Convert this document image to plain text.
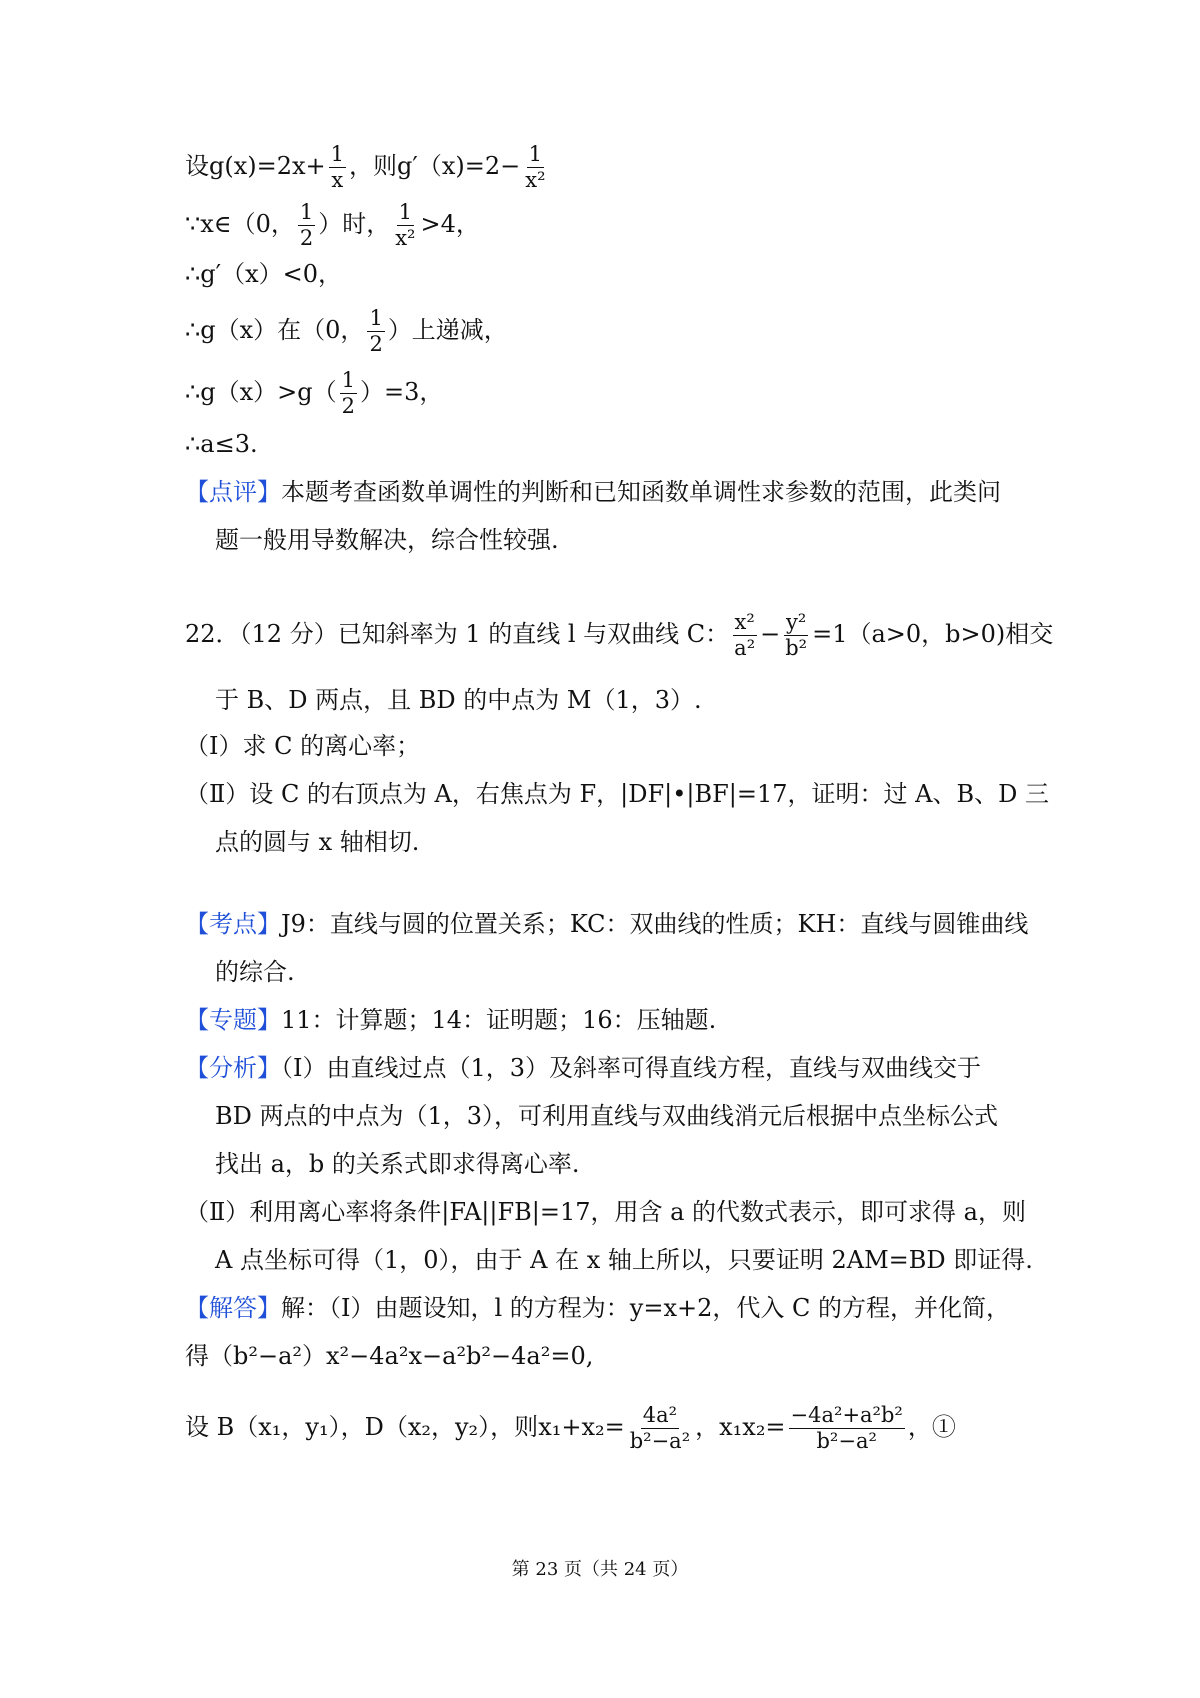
设$g(x)=2x+ \frac{1}{x}$ ，则$g'(x)=2- \frac{1}{\text{x²}}$
∵x∈（0， $\frac{1}{2}$ ）时， $\frac{1}{\text{x²}} >4$，
∴g′（x）<0，
∴g（x）在（0， $\frac{1}{2}$ ）上递减，
∴g（x）>g（ $\frac{1}{2} )=3$，
∴a≤3.
【点评】本题考查函数单调性的判断和已知函数单调性求参数的范围，此类问
题一般用导数解决，综合性较强.
22．（12 分）已知斜率为 1 的直线 l 与双曲线 C： $\frac{\text{x²}}{\text{a²}} - \frac{\text{y²}}{\text{b²}} =1(a>0$，b>0)相交
于 B、D 两点，且 BD 的中点为 M（1，3）.
（Ⅰ）求 C 的离心率；
（Ⅱ）设 C 的右顶点为 A，右焦点为 F，|DF|•|BF|=17，证明：过 A、B、D 三
点的圆与 x 轴相切.
【考点】J9：直线与圆的位置关系；KC：双曲线的性质；KH：直线与圆锥曲线
的综合.
【专题】11：计算题；14：证明题；16：压轴题.
【分析】（Ⅰ）由直线过点（1，3）及斜率可得直线方程，直线与双曲线交于
BD 两点的中点为（1，3），可利用直线与双曲线消元后根据中点坐标公式
找出 a，b 的关系式即求得离心率.
（Ⅱ）利用离心率将条件|FA||FB|=17，用含 a 的代数式表示，即可求得 a，则
A 点坐标可得（1，0），由于 A 在 x 轴上所以，只要证明 2AM=BD 即证得.
【解答】解：（Ⅰ）由题设知，l 的方程为：y=x+2，代入 C 的方程，并化简，
得（b²−a²）x²−4a²x−a²b²−4a²=0,
设 B（x₁，y₁），D（x₂，y₂），则$x_1+x_2= \frac{\text{4a²}}{\text{b²−a²}}$ ，$x_1x_2= \frac{\text{−4a²+a²b²}}{\text{b²−a²}}$ ，①
第 23 页（共 24 页）
